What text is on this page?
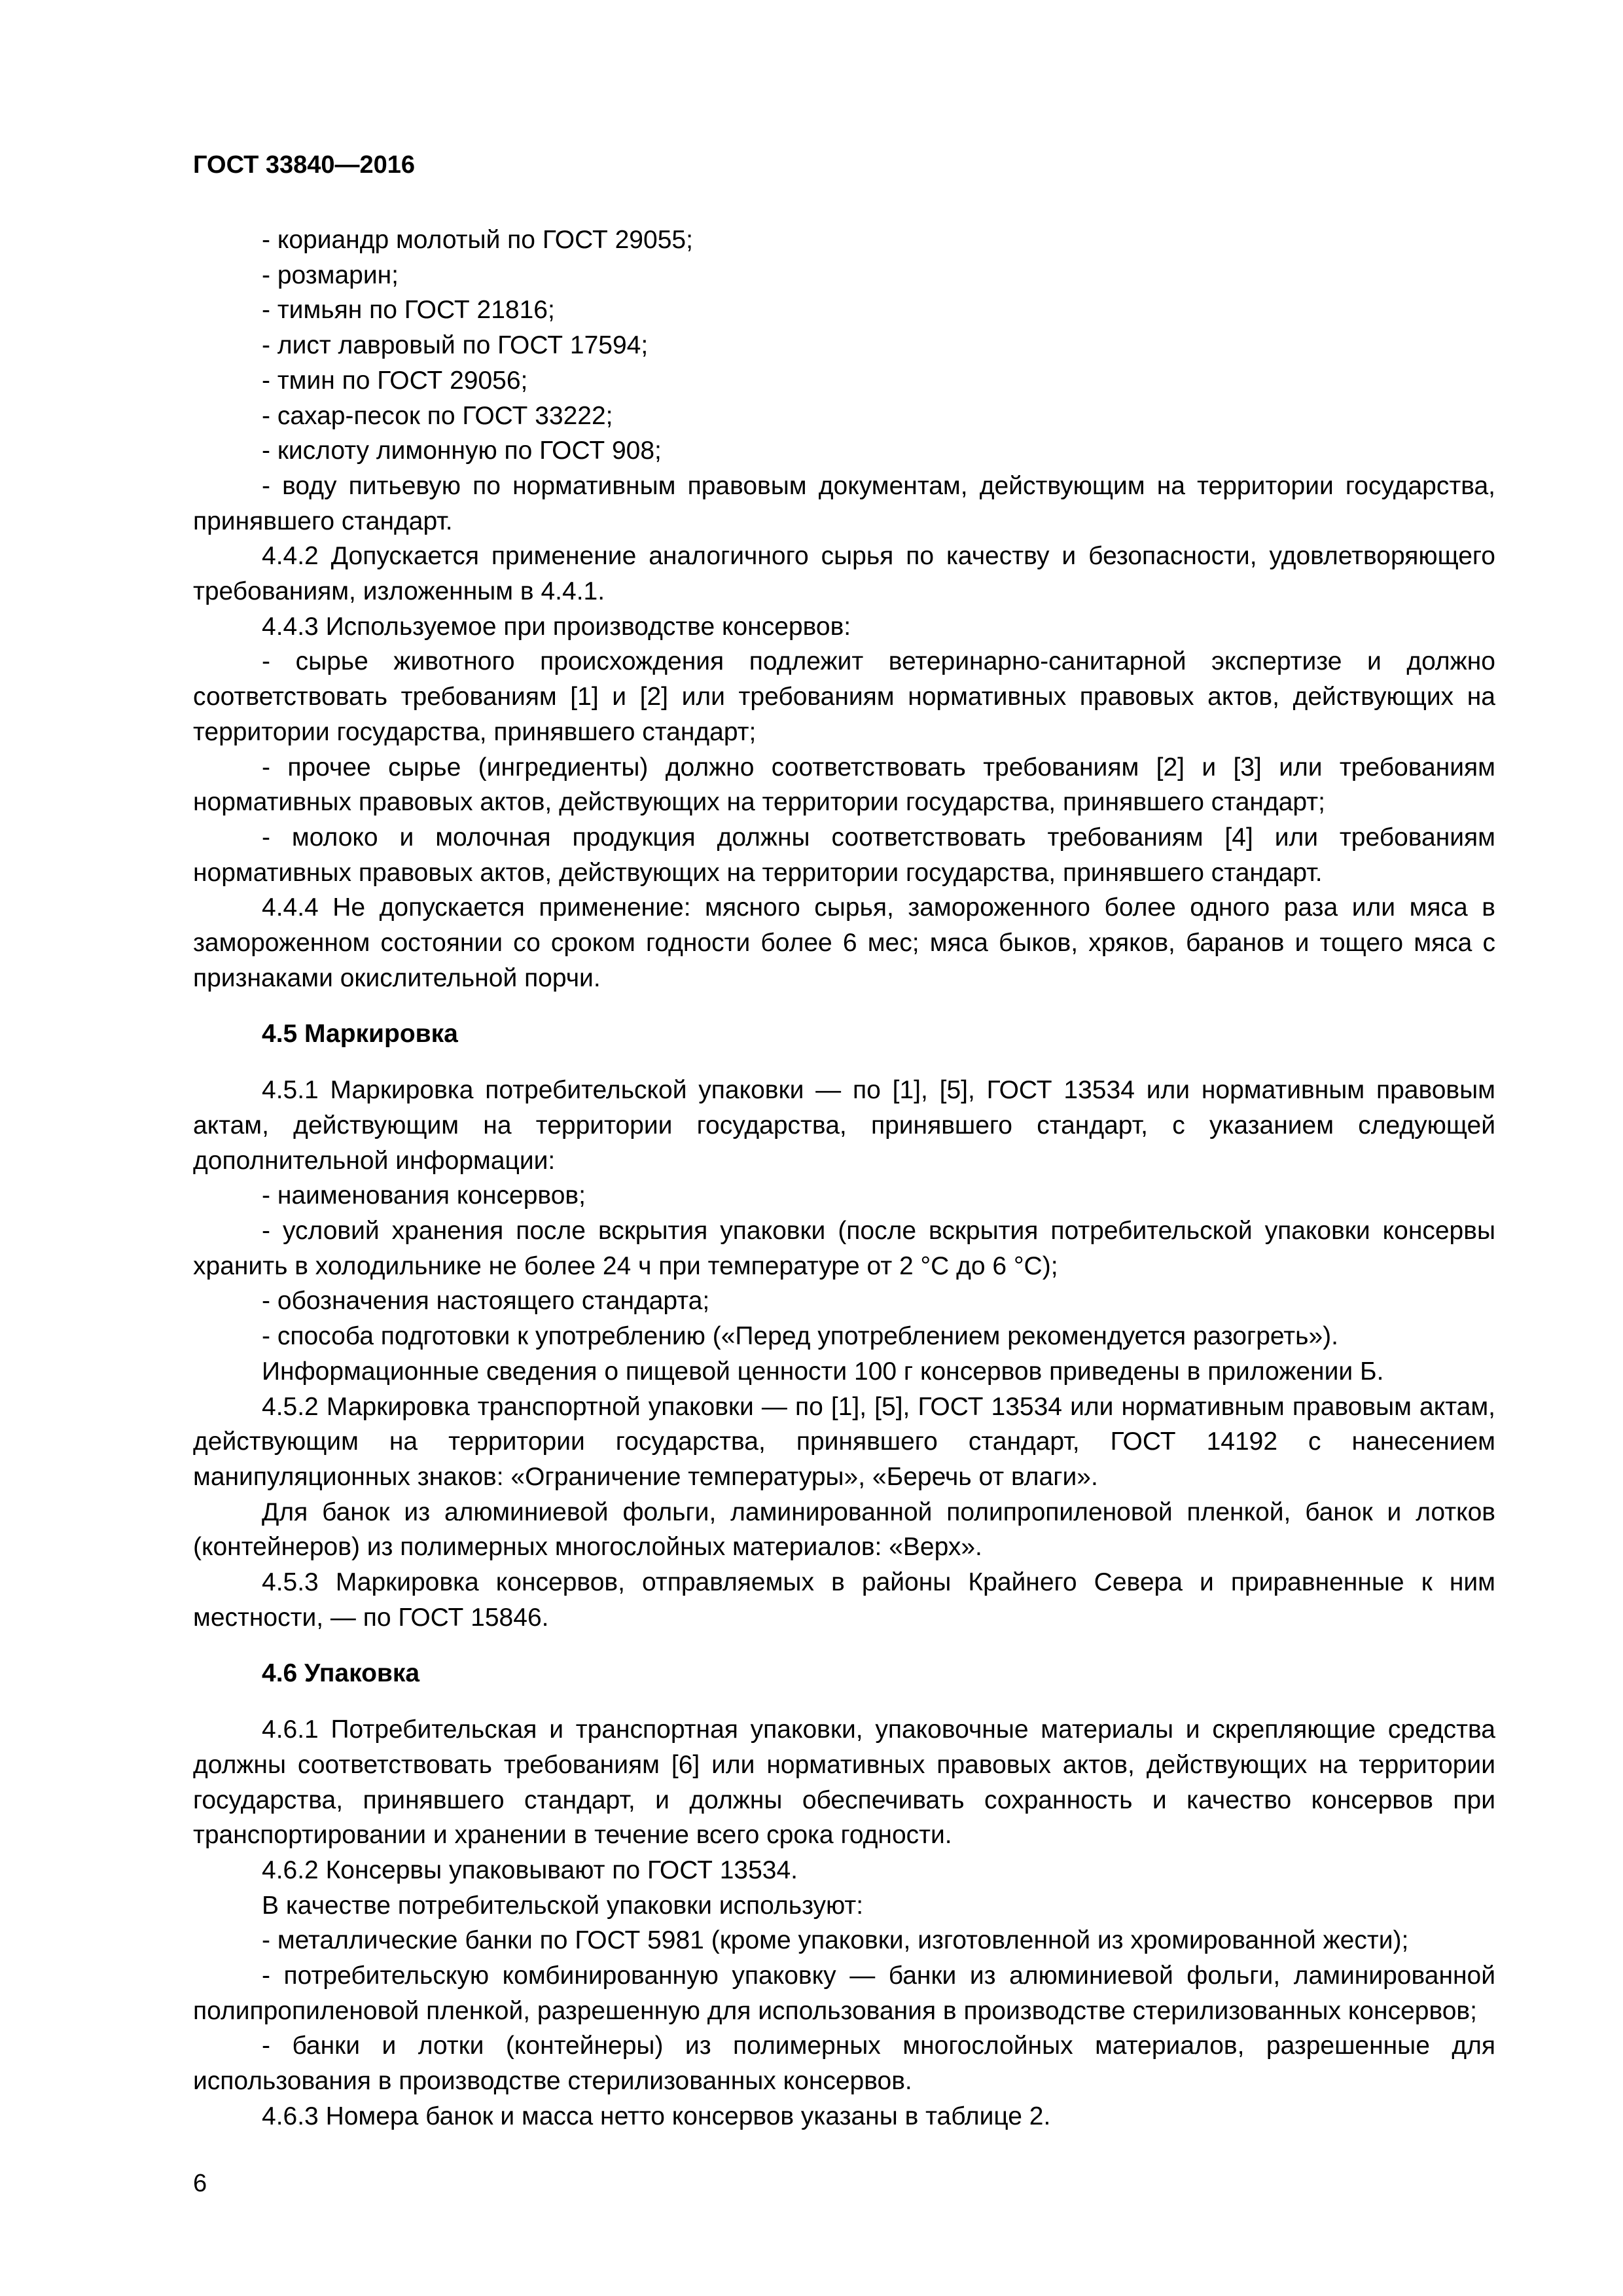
ГОСТ 33840—2016

- кориандр молотый по ГОСТ 29055;

- розмарин;

- тимьян по ГОСТ 21816;

- лист лавровый по ГОСТ 17594;

- тмин по ГОСТ 29056;

- сахар-песок по ГОСТ 33222;

- кислоту лимонную по ГОСТ 908;

- воду питьевую по нормативным правовым документам, действующим на территории государства, принявшего стандарт.

4.4.2 Допускается применение аналогичного сырья по качеству и безопасности, удовлетворяющего требованиям, изложенным в 4.4.1.

4.4.3 Используемое при производстве консервов:

- сырье животного происхождения подлежит ветеринарно-санитарной экспертизе и должно соответствовать требованиям [1] и [2] или требованиям нормативных правовых актов, действующих на территории государства, принявшего стандарт;

- прочее сырье (ингредиенты) должно соответствовать требованиям [2] и [3] или требованиям нормативных правовых актов, действующих на территории государства, принявшего стандарт;

- молоко и молочная продукция должны соответствовать требованиям [4] или требованиям нормативных правовых актов, действующих на территории государства, принявшего стандарт.

4.4.4 Не допускается применение: мясного сырья, замороженного более одного раза или мяса в замороженном состоянии со сроком годности более 6 мес; мяса быков, хряков, баранов и тощего мяса с признаками окислительной порчи.

4.5 Маркировка

4.5.1 Маркировка потребительской упаковки — по [1], [5], ГОСТ 13534 или нормативным правовым актам, действующим на территории государства, принявшего стандарт, с указанием следующей дополнительной информации:

- наименования консервов;

- условий хранения после вскрытия упаковки (после вскрытия потребительской упаковки консервы хранить в холодильнике не более 24 ч при температуре от 2 °С до 6 °С);

- обозначения настоящего стандарта;

- способа подготовки к употреблению («Перед употреблением рекомендуется разогреть»).

Информационные сведения о пищевой ценности 100 г консервов приведены в приложении Б.

4.5.2 Маркировка транспортной упаковки — по [1], [5], ГОСТ 13534 или нормативным правовым актам, действующим на территории государства, принявшего стандарт, ГОСТ 14192 с нанесением манипуляционных знаков: «Ограничение температуры», «Беречь от влаги».

Для банок из алюминиевой фольги, ламинированной полипропиленовой пленкой, банок и лотков (контейнеров) из полимерных многослойных материалов: «Верх».

4.5.3 Маркировка консервов, отправляемых в районы Крайнего Севера и приравненные к ним местности, — по ГОСТ 15846.

4.6 Упаковка

4.6.1 Потребительская и транспортная упаковки, упаковочные материалы и скрепляющие средства должны соответствовать требованиям [6] или нормативных правовых актов, действующих на территории государства, принявшего стандарт, и должны обеспечивать сохранность и качество консервов при транспортировании и хранении в течение всего срока годности.

4.6.2 Консервы упаковывают по ГОСТ 13534.

В качестве потребительской упаковки используют:

- металлические банки по ГОСТ 5981 (кроме упаковки, изготовленной из хромированной жести);

- потребительскую комбинированную упаковку — банки из алюминиевой фольги, ламинированной полипропиленовой пленкой, разрешенную для использования в производстве стерилизованных консервов;

- банки и лотки (контейнеры) из полимерных многослойных материалов, разрешенные для использования в производстве стерилизованных консервов.

4.6.3 Номера банок и масса нетто консервов указаны в таблице 2.

6
